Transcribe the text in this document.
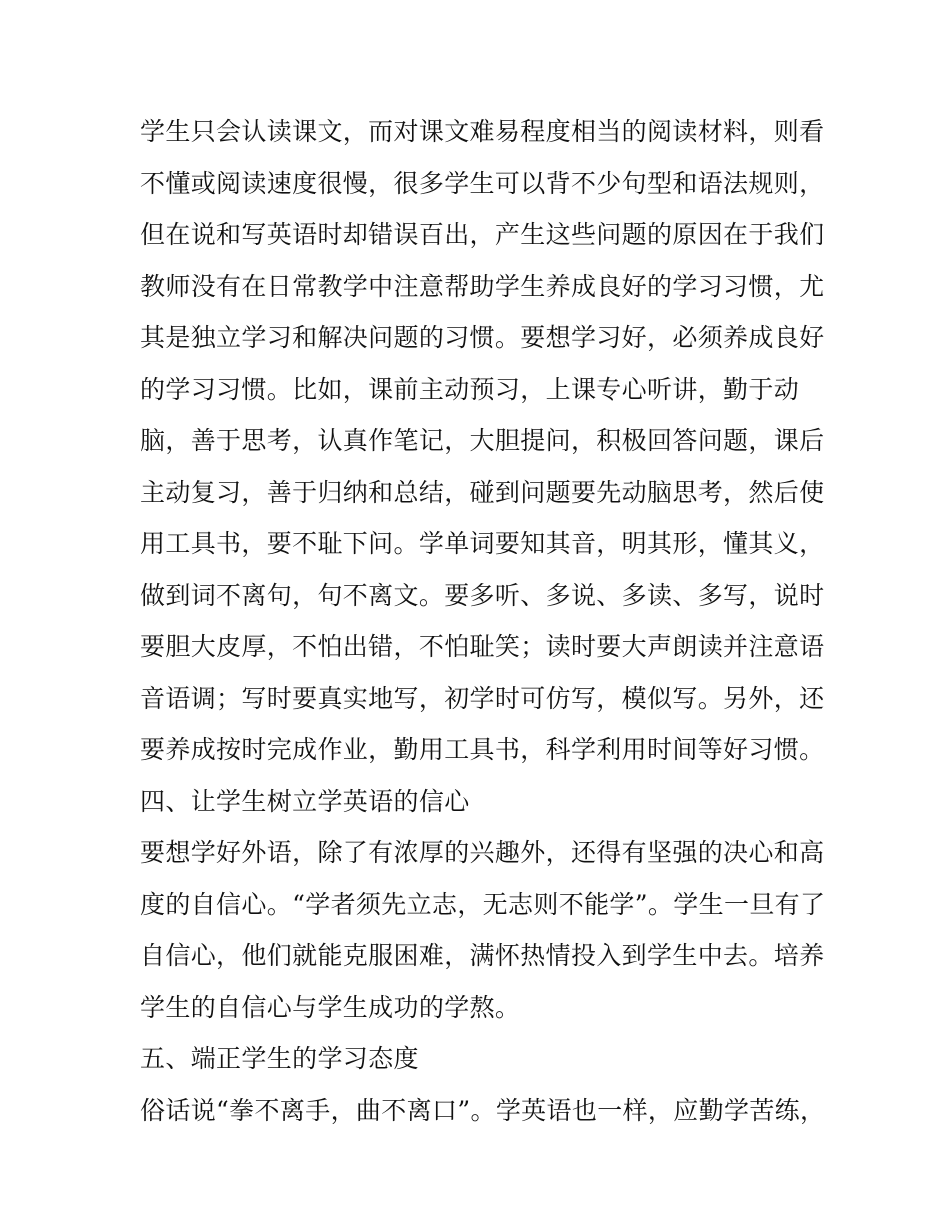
学生只会认读课文，而对课文难易程度相当的阅读材料，则看
不懂或阅读速度很慢，很多学生可以背不少句型和语法规则，
但在说和写英语时却错误百出，产生这些问题的原因在于我们
教师没有在日常教学中注意帮助学生养成良好的学习习惯，尤
其是独立学习和解决问题的习惯。要想学习好，必须养成良好
的学习习惯。比如，课前主动预习，上课专心听讲，勤于动
脑，善于思考，认真作笔记，大胆提问，积极回答问题，课后
主动复习，善于归纳和总结，碰到问题要先动脑思考，然后使
用工具书，要不耻下问。学单词要知其音，明其形，懂其义，
做到词不离句，句不离文。要多听、多说、多读、多写，说时
要胆大皮厚，不怕出错，不怕耻笑；读时要大声朗读并注意语
音语调；写时要真实地写，初学时可仿写，模似写。另外，还
要养成按时完成作业，勤用工具书，科学利用时间等好习惯。
四、让学生树立学英语的信心
要想学好外语，除了有浓厚的兴趣外，还得有坚强的决心和高
度的自信心。“学者须先立志，无志则不能学”。学生一旦有了
自信心，他们就能克服困难，满怀热情投入到学生中去。培养
学生的自信心与学生成功的学熬。
五、端正学生的学习态度
俗话说“拳不离手，曲不离口”。学英语也一样，应勤学苦练，
